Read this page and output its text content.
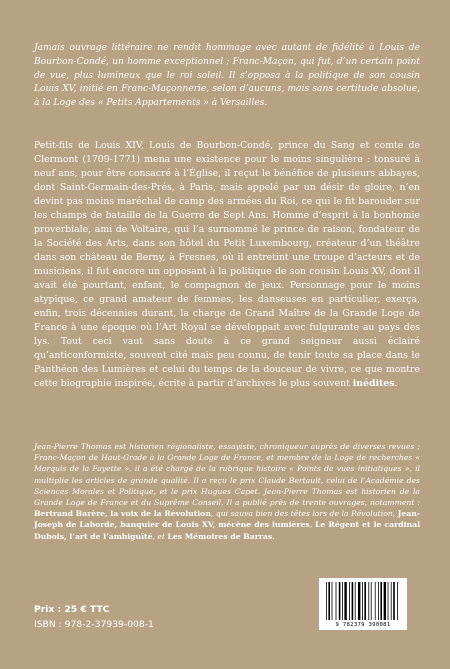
Jamais ouvrage littéraire ne rendit hommage avec autant de fidélité à Louis de Bourbon-Condé, un homme exceptionnel ; Franc-Maçon, qui fut, d’un certain point de vue, plus lumineux que le roi soleil. Il s’opposa à la politique de son cousin Louis XV, initié en Franc-Maçonnerie, selon d’aucuns, mais sans certitude absolue, à la Loge des « Petits Appartements » à Versailles.

Petit-fils de Louis XIV, Louis de Bourbon-Condé, prince du Sang et comte de Clermont (1709-1771) mena une existence pour le moins singulière : tonsuré à neuf ans, pour être consacré à l’Église, il reçut le bénéfice de plusieurs abbayes, dont Saint-Germain-des-Prés, à Paris, mais appelé par un désir de gloire, n’en devint pas moins maréchal de camp des armées du Roi, ce qui le fit barouder sur les champs de bataille de la Guerre de Sept Ans. Homme d’esprit à la bonhomie proverbiale, ami de Voltaire, qui l’a surnommé le prince de raison, fondateur de la Société des Arts, dans son hôtel du Petit Luxembourg, créateur d’un théâtre dans son château de Berny, à Fresnes, où il entretint une troupe d’acteurs et de musiciens, il fut encore un opposant à la politique de son cousin Louis XV, dont il avait été pourtant, enfant, le compagnon de jeux. Personnage pour le moins atypique, ce grand amateur de femmes, les danseuses en particulier, exerça, enfin, trois décennies durant, la charge de Grand Maître de la Grande Loge de France à une époque où l’Art Royal se développait avec fulgurante au pays des lys. Tout ceci vaut sans doute à ce grand seigneur aussi éclairé qu’anticonformiste, souvent cité mais peu connu, de tenir toute sa place dans le Panthéon des Lumières et celui du temps de la douceur de vivre, ce que montre cette biographie inspirée, écrite à partir d’archives le plus souvent inédites.

Jean-Pierre Thomas est historien régionaliste, essayiste, chroniqueur auprès de diverses revues ; Franc-Maçon de Haut-Grade à la Grande Loge de France, et membre de la Loge de recherches « Marquis de la Fayette », il a été chargé de la rubrique histoire « Points de vues initiatiques », il multiplie les articles de grande qualité. Il a reçu le prix Claude Bertault, celui de l’Académie des Sciences Morales et Politique, et le prix Hugues Capet. Jean-Pierre Thomas est historien de la Grande Loge de France et du Suprême Conseil. Il a publié près de trente ouvrages, notamment : Bertrand Barère, la voix de la Révolution, qui sauva bien des têtes lors de la Révolution, Jean-Joseph de Laborde, banquier de Louis XV, mécène des lumières, Le Régent et le cardinal Dubois, l’art de l’ambiguïté, et Les Mémoires de Barras.

Prix : 25 € TTC
ISBN : 978-2-37939-008-1	9 782379 390081
